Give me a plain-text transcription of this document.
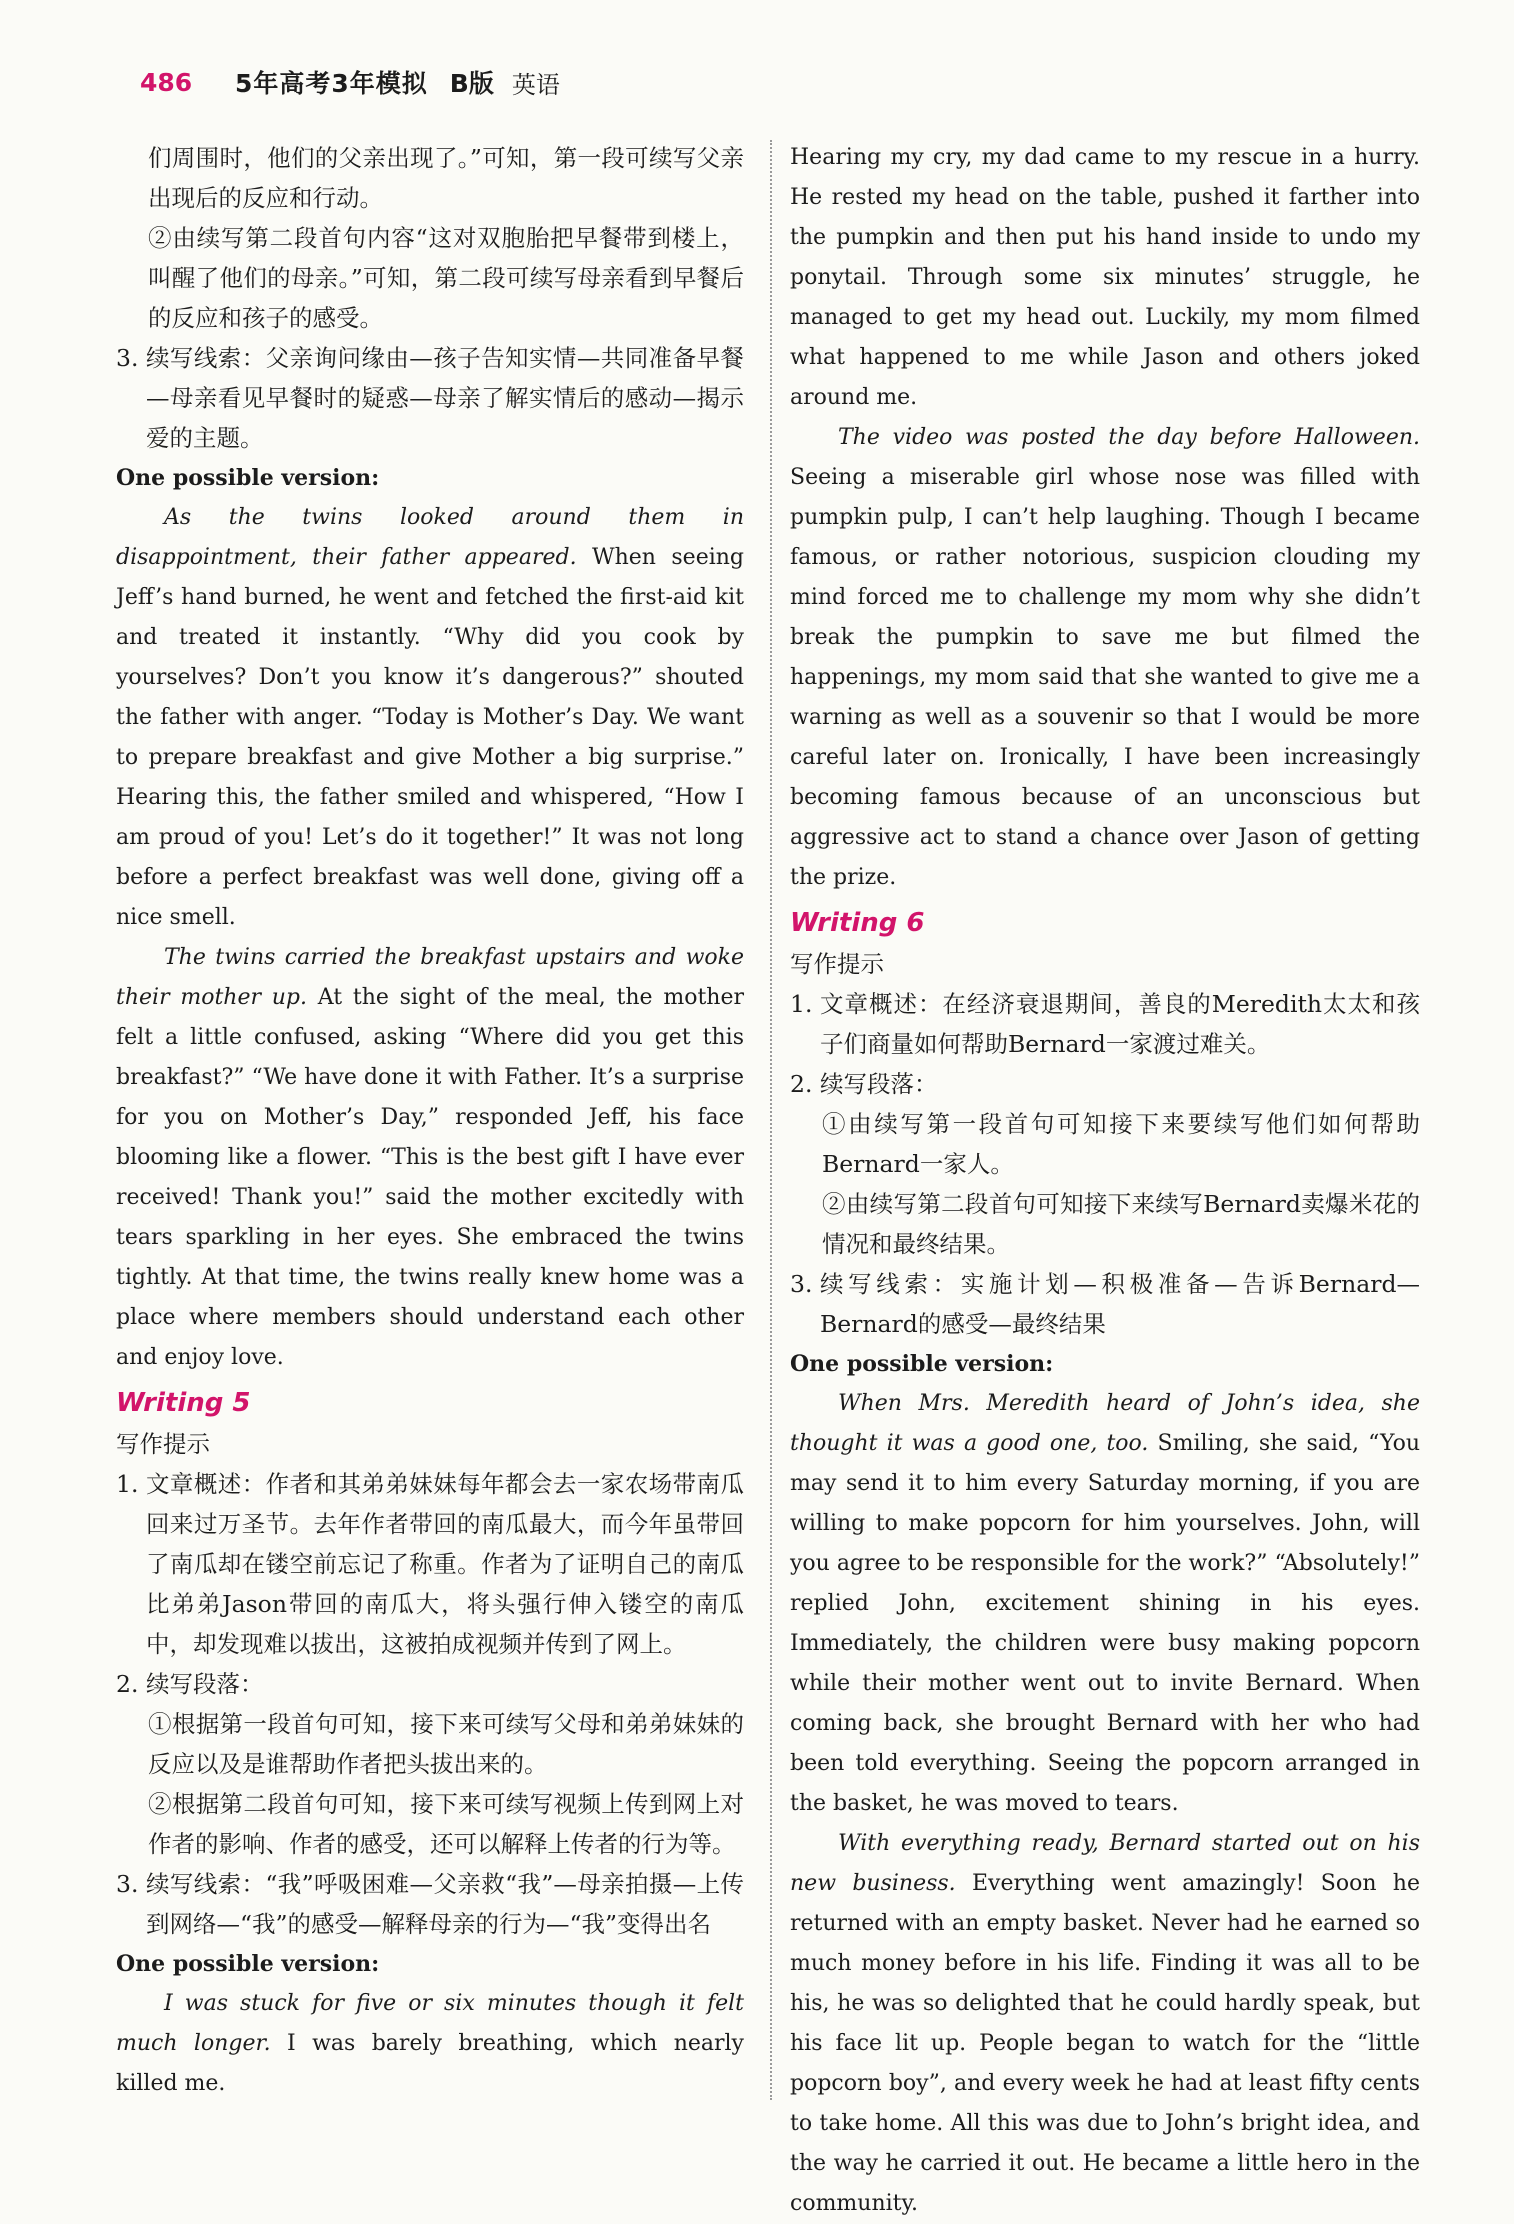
486	5年高考3年模拟 B版 英语

们周围时，他们的父亲出现了。”可知，第一段可续写父亲出现后的反应和行动。

②由续写第二段首句内容“这对双胞胎把早餐带到楼上，叫醒了他们的母亲。”可知，第二段可续写母亲看到早餐后的反应和孩子的感受。

3. 续写线索：父亲询问缘由—孩子告知实情—共同准备早餐—母亲看见早餐时的疑惑—母亲了解实情后的感动—揭示爱的主题。

One possible version:

As the twins looked around them in disappointment, their father appeared. When seeing Jeff’s hand burned, he went and fetched the first-aid kit and treated it instantly. “Why did you cook by yourselves? Don’t you know it’s dangerous?” shouted the father with anger. “Today is Mother’s Day. We want to prepare breakfast and give Mother a big surprise.” Hearing this, the father smiled and whispered, “How I am proud of you! Let’s do it together!” It was not long before a perfect breakfast was well done, giving off a nice smell.

The twins carried the breakfast upstairs and woke their mother up. At the sight of the meal, the mother felt a little confused, asking “Where did you get this breakfast?” “We have done it with Father. It’s a surprise for you on Mother’s Day,” responded Jeff, his face blooming like a flower. “This is the best gift I have ever received! Thank you!” said the mother excitedly with tears sparkling in her eyes. She embraced the twins tightly. At that time, the twins really knew home was a place where members should understand each other and enjoy love.

Writing 5
写作提示
1. 文章概述：作者和其弟弟妹妹每年都会去一家农场带南瓜回来过万圣节。去年作者带回的南瓜最大，而今年虽带回了南瓜却在镂空前忘记了称重。作者为了证明自己的南瓜比弟弟Jason带回的南瓜大，将头强行伸入镂空的南瓜中，却发现难以拔出，这被拍成视频并传到了网上。
2. 续写段落：

①根据第一段首句可知，接下来可续写父母和弟弟妹妹的反应以及是谁帮助作者把头拔出来的。

②根据第二段首句可知，接下来可续写视频上传到网上对作者的影响、作者的感受，还可以解释上传者的行为等。

3. 续写线索：“我”呼吸困难—父亲救“我”—母亲拍摄—上传到网络—“我”的感受—解释母亲的行为—“我”变得出名

One possible version:

I was stuck for five or six minutes though it felt much longer. I was barely breathing, which nearly killed me.

Hearing my cry, my dad came to my rescue in a hurry. He rested my head on the table, pushed it farther into the pumpkin and then put his hand inside to undo my ponytail. Through some six minutes’ struggle, he managed to get my head out. Luckily, my mom filmed what happened to me while Jason and others joked around me.

The video was posted the day before Halloween. Seeing a miserable girl whose nose was filled with pumpkin pulp, I can’t help laughing. Though I became famous, or rather notorious, suspicion clouding my mind forced me to challenge my mom why she didn’t break the pumpkin to save me but filmed the happenings, my mom said that she wanted to give me a warning as well as a souvenir so that I would be more careful later on. Ironically, I have been increasingly becoming famous because of an unconscious but aggressive act to stand a chance over Jason of getting the prize.

Writing 6
写作提示
1. 文章概述：在经济衰退期间，善良的Meredith太太和孩子们商量如何帮助Bernard一家渡过难关。
2. 续写段落：

①由续写第一段首句可知接下来要续写他们如何帮助Bernard一家人。

②由续写第二段首句可知接下来续写Bernard卖爆米花的情况和最终结果。

3. 续写线索：实施计划—积极准备—告诉Bernard—Bernard的感受—最终结果

One possible version:

When Mrs. Meredith heard of John’s idea, she thought it was a good one, too. Smiling, she said, “You may send it to him every Saturday morning, if you are willing to make popcorn for him yourselves. John, will you agree to be responsible for the work?” “Absolutely!” replied John, excitement shining in his eyes. Immediately, the children were busy making popcorn while their mother went out to invite Bernard. When coming back, she brought Bernard with her who had been told everything. Seeing the popcorn arranged in the basket, he was moved to tears.

With everything ready, Bernard started out on his new business. Everything went amazingly! Soon he returned with an empty basket. Never had he earned so much money before in his life. Finding it was all to be his, he was so delighted that he could hardly speak, but his face lit up. People began to watch for the “little popcorn boy”, and every week he had at least fifty cents to take home. All this was due to John’s bright idea, and the way he carried it out. He became a little hero in the community.
